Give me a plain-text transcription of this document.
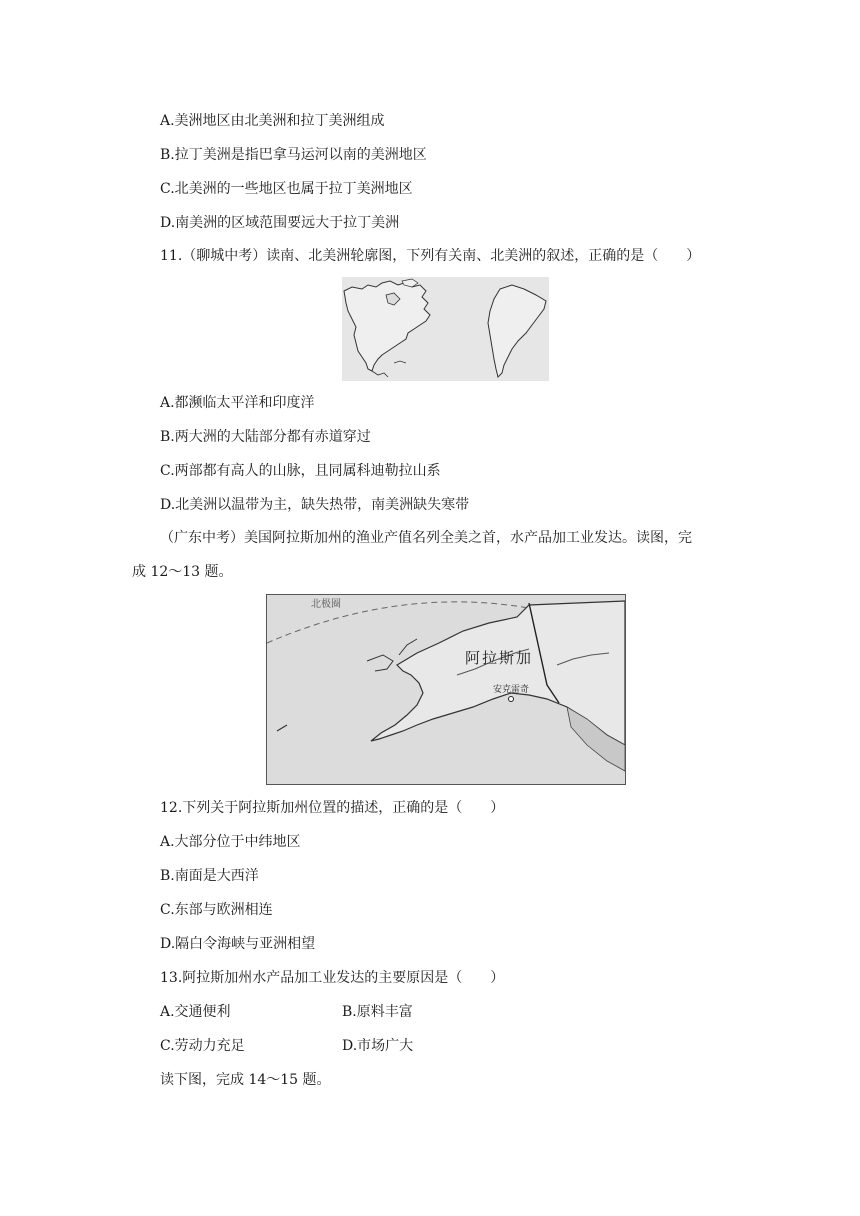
A.美洲地区由北美洲和拉丁美洲组成
B.拉丁美洲是指巴拿马运河以南的美洲地区
C.北美洲的一些地区也属于拉丁美洲地区
D.南美洲的区域范围要远大于拉丁美洲
11.（聊城中考）读南、北美洲轮廓图，下列有关南、北美洲的叙述，正确的是（　　）
A.都濒临太平洋和印度洋
B.两大洲的大陆部分都有赤道穿过
C.两部都有高人的山脉，且同属科迪勒拉山系
D.北美洲以温带为主，缺失热带，南美洲缺失寒带
（广东中考）美国阿拉斯加州的渔业产值名列全美之首，水产品加工业发达。读图，完
成 12～13 题。
北极圈
阿拉斯加
安克雷奇
12.下列关于阿拉斯加州位置的描述，正确的是（　　）
A.大部分位于中纬地区
B.南面是大西洋
C.东部与欧洲相连
D.隔白令海峡与亚洲相望
13.阿拉斯加州水产品加工业发达的主要原因是（　　）
A.交通便利	B.原料丰富
C.劳动力充足	D.市场广大
读下图，完成 14～15 题。
